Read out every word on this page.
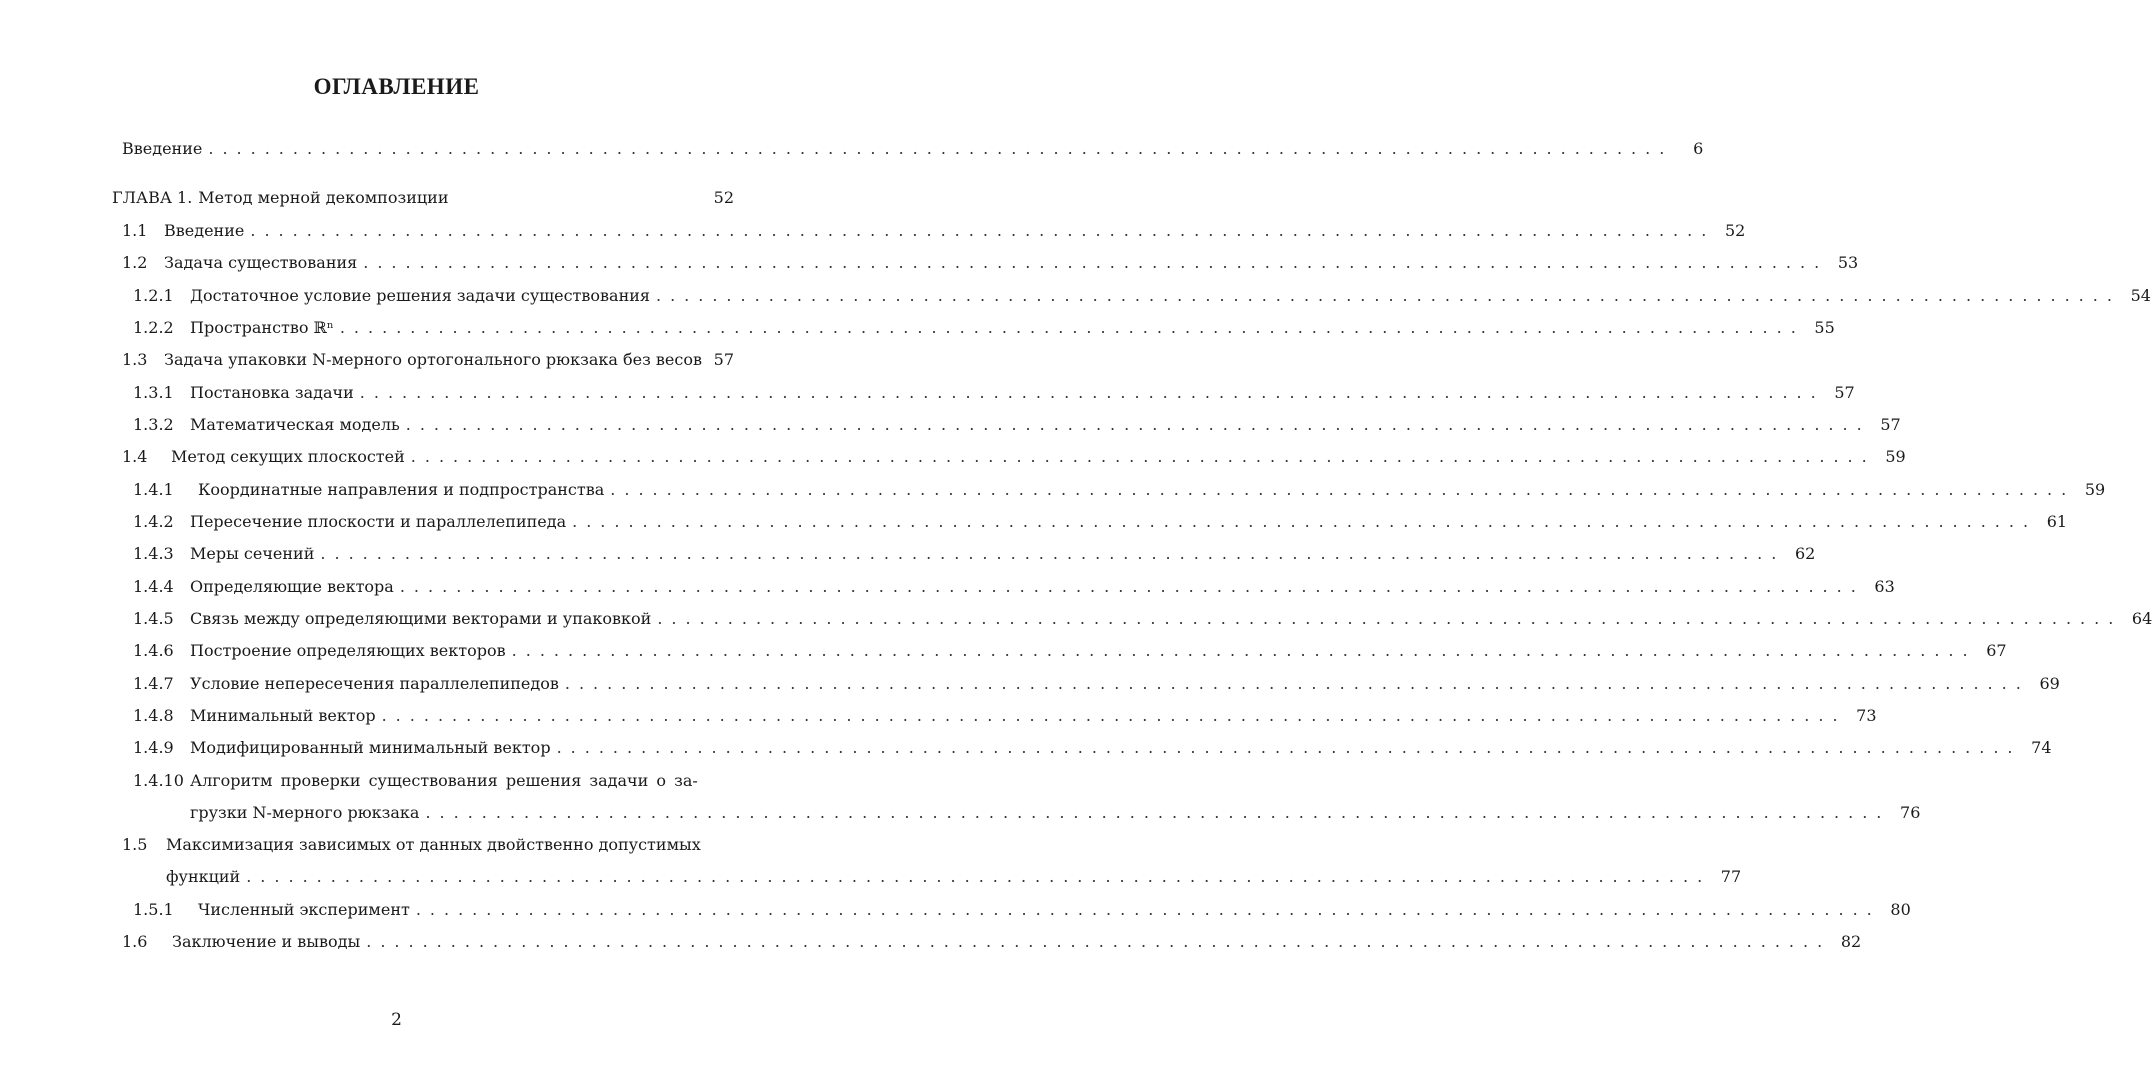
ОГЛАВЛЕНИЕ
Введение ........................................................................................................	6
ГЛАВА 1. Метод мерной декомпозиции	52
1.1	Введение ........................................................................................................ 52
1.2	Задача существования ........................................................................................................ 53
1.2.1	Достаточное условие решения задачи существования ........................................................................................................ 54
1.2.2	Пространство ℝⁿ ........................................................................................................ 55
1.3	Задача упаковки N-мерного ортогонального рюкзака без весов 57
1.3.1	Постановка задачи ........................................................................................................ 57
1.3.2	Математическая модель ........................................................................................................ 57
1.4	Метод секущих плоскостей ........................................................................................................ 59
1.4.1	Координатные направления и подпространства ........................................................................................................ 59
1.4.2	Пересечение плоскости и параллелепипеда ........................................................................................................ 61
1.4.3	Меры сечений ........................................................................................................ 62
1.4.4	Определяющие вектора ........................................................................................................ 63
1.4.5	Связь между определяющими векторами и упаковкой ........................................................................................................ 64
1.4.6	Построение определяющих векторов ........................................................................................................ 67
1.4.7	Условие непересечения параллелепипедов ........................................................................................................ 69
1.4.8	Минимальный вектор ........................................................................................................ 73
1.4.9	Модифицированный минимальный вектор ........................................................................................................ 74
1.4.10 Алгоритм проверки существования решения задачи о за-
грузки N-мерного рюкзака ........................................................................................................ 76
1.5	Максимизация зависимых от данных двойственно допустимых
функций ........................................................................................................ 77
1.5.1	Численный эксперимент ........................................................................................................ 80
1.6	Заключение и выводы ........................................................................................................ 82
2
